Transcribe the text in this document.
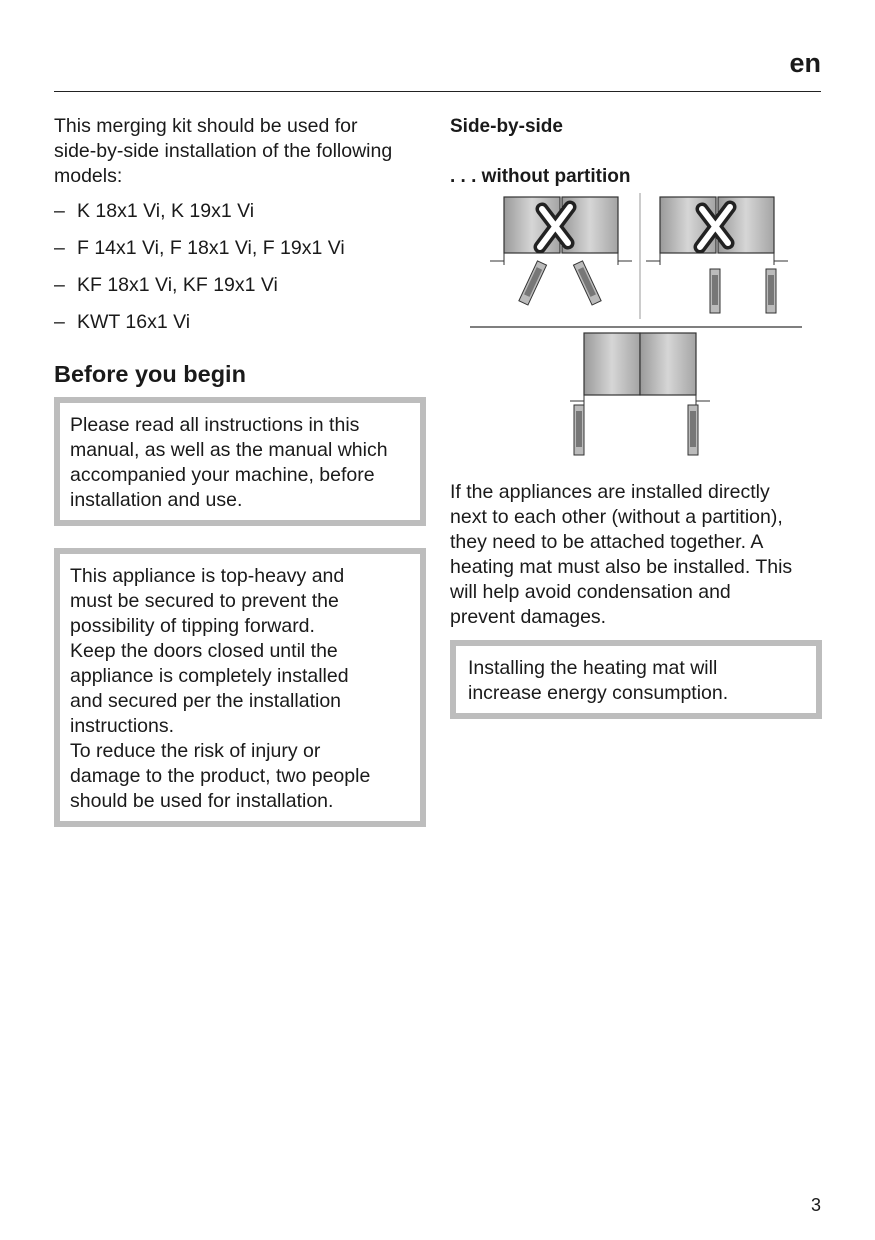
en

This merging kit should be used for
side-by-side installation of the following
models:

– K 18x1 Vi, K 19x1 Vi
– F 14x1 Vi, F 18x1 Vi, F 19x1 Vi
– KF 18x1 Vi, KF 19x1 Vi
– KWT 16x1 Vi
Before you begin
Please read all instructions in this
manual, as well as the manual which
accompanied your machine, before
installation and use.
This appliance is top-heavy and
must be secured to prevent the
possibility of tipping forward.
Keep the doors closed until the
appliance is completely installed
and secured per the installation
instructions.
To reduce the risk of injury or
damage to the product, two people
should be used for installation.
Side-by-side
. . . without partition

If the appliances are installed directly
next to each other (without a partition),
they need to be attached together. A
heating mat must also be installed. This
will help avoid condensation and
prevent damages.

Installing the heating mat will
increase energy consumption.
3
